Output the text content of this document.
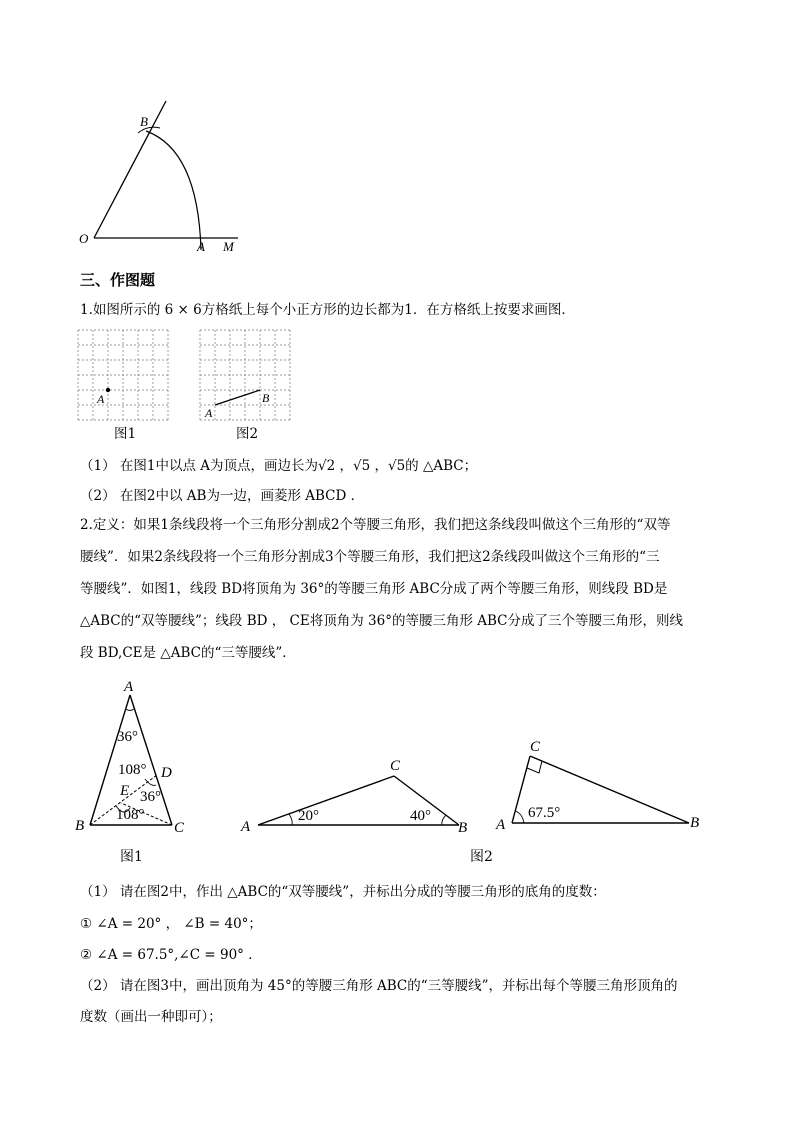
B
O
A M
三、作图题
1.如图所示的 6 × 6方格纸上每个小正方形的边长都为1．在方格纸上按要求画图．
A
图1
A
B
图2
（1） 在图1中以点 A为顶点，画边长为√2 ，√5 ，√5的 △ABC；
（2） 在图2中以 AB为一边，画菱形 ABCD ．
2.定义：如果1条线段将一个三角形分割成2个等腰三角形，我们把这条线段叫做这个三角形的“双等
腰线”．如果2条线段将一个三角形分割成3个等腰三角形，我们把这2条线段叫做这个三角形的“三
等腰线”．如图1，线段 BD将顶角为 36°的等腰三角形 ABC分成了两个等腰三角形，则线段 BD是
△ABC的“双等腰线”；线段 BD ， CE将顶角为 36°的等腰三角形 ABC分成了三个等腰三角形，则线
段 BD,CE是 △ABC的“三等腰线”．
A
B	C
D
E
36°
108°
36°
108°
图1
A	B
C
20°	40°
A	B
C
67.5°
图2
（1） 请在图2中，作出 △ABC的“双等腰线”，并标出分成的等腰三角形的底角的度数：
① ∠A = 20° ， ∠B = 40°；
② ∠A = 67.5°,∠C = 90° ．
（2） 请在图3中，画出顶角为 45°的等腰三角形 ABC的“三等腰线”，并标出每个等腰三角形顶角的
度数（画出一种即可）；
